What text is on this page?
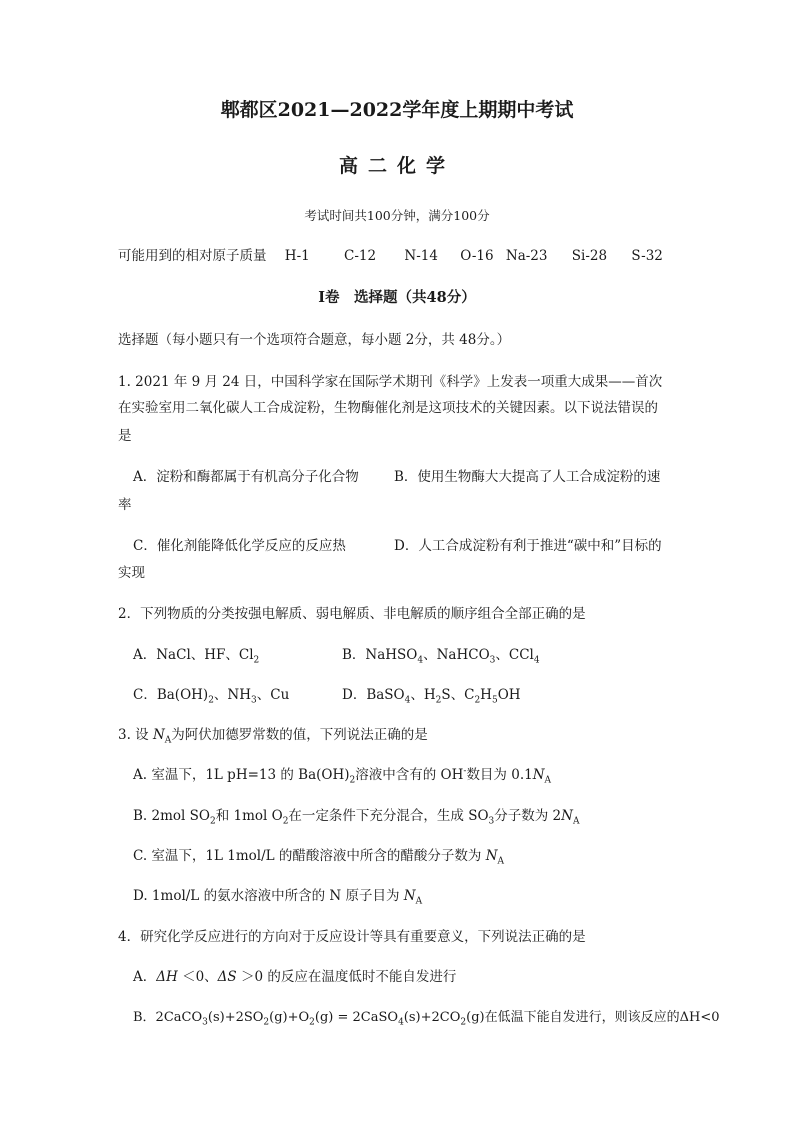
郫都区2021—2022学年度上期期中考试
高二化学
考试时间共100分钟，满分100分
可能用到的相对原子质量 H-1	C-12 N-14 O-16 Na-23 Si-28 S-32
I卷　选择题（共48分）
选择题（每小题只有一个选项符合题意，每小题 2分，共 48分。）
1. 2021 年 9 月 24 日，中国科学家在国际学术期刊《科学》上发表一项重大成果——首次
在实验室用二氧化碳人工合成淀粉，生物酶催化剂是这项技术的关键因素。以下说法错误的
是
A．淀粉和酶都属于有机高分子化合物	B．使用生物酶大大提高了人工合成淀粉的速
率
C．催化剂能降低化学反应的反应热	D．人工合成淀粉有利于推进“碳中和”目标的
实现
2．下列物质的分类按强电解质、弱电解质、非电解质的顺序组合全部正确的是
A．NaCl、HF、$Cl_2$	B．NaHSO$_4$、NaHCO$_3$、CCl$_4$
C．$Ba(OH)_2$、$NH_3$、Cu	D．BaSO$_4$、$H_2S$、$C_2H_5OH$
3. 设 $N_A$为阿伏加德罗常数的值，下列说法正确的是
A. 室温下，1L pH=13 的 $Ba(OH)_2$溶液中含有的 OH-数目为 $0.1N_A$
B. 2mol $SO_2$和 1mol $O_2$在一定条件下充分混合，生成 $SO_3$分子数为 $2N_A$
C. 室温下，1L 1mol/L 的醋酸溶液中所含的醋酸分子数为 $N_A$
D. 1mol/L 的氨水溶液中所含的 N 原子目为 $N_A$
4．研究化学反应进行的方向对于反应设计等具有重要意义，下列说法正确的是
A．ΔH ＜0、ΔS ＞0 的反应在温度低时不能自发进行
B．$2CaCO_3(s)+2SO_2(g)+O_2(g)$ = $2CaSO_4(s)+2CO_2(g)$在低温下能自发进行，则该反应的ΔH<0
